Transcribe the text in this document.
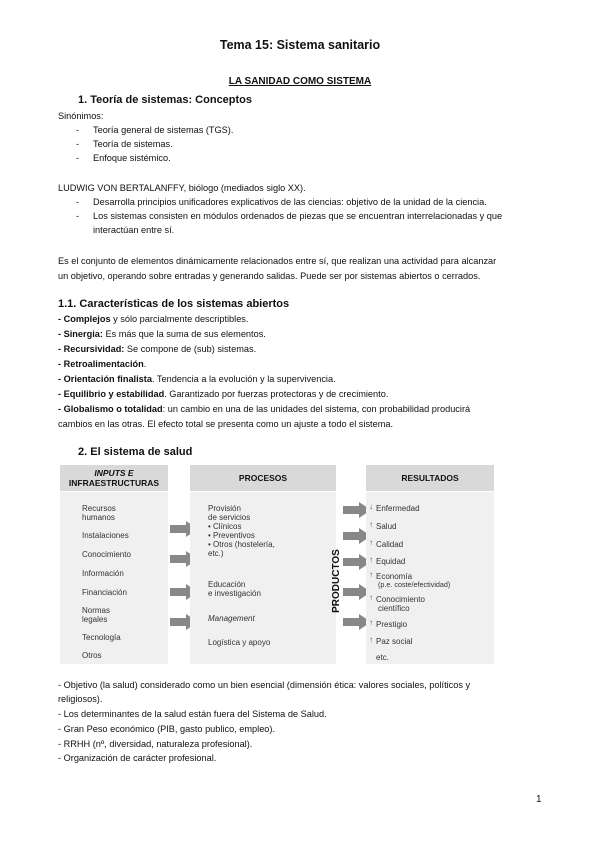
Tema 15: Sistema sanitario
LA SANIDAD COMO SISTEMA
1. Teoría de sistemas: Conceptos
Sinónimos:
- Teoría general de sistemas (TGS).
- Teoría de sistemas.
- Enfoque sistémico.
LUDWIG VON BERTALANFFY, biólogo (mediados siglo XX).
- Desarrolla principios unificadores explicativos de las ciencias: objetivo de la unidad de la ciencia.
- Los sistemas consisten en módulos ordenados de piezas que se encuentran interrelacionadas y que
interactúan entre sí.
Es el conjunto de elementos dinámicamente relacionados entre sí, que realizan una actividad para alcanzar
un objetivo, operando sobre entradas y generando salidas. Puede ser por sistemas abiertos o cerrados.
1.1. Características de los sistemas abiertos
- Complejos y sólo parcialmente descriptibles.
- Sinergia: Es más que la suma de sus elementos.
- Recursividad: Se compone de (sub) sistemas.
- Retroalimentación.
- Orientación finalista. Tendencia a la evolución y la supervivencia.
- Equilibrio y estabilidad. Garantizado por fuerzas protectoras y de crecimiento.
- Globalismo o totalidad: un cambio en una de las unidades del sistema, con probabilidad producirá
cambios en las otras. El efecto total se presenta como un ajuste a todo el sistema.
2. El sistema de salud
INPUTS E
INFRAESTRUCTURAS
Recursos
humanos
Instalaciones
Conocimiento
Información
Financiación
Normas
legales
Tecnología
Otros
PROCESOS
Provisión
de servicios
• Clínicos
• Preventivos
• Otros (hostelería,
etc.)
Educación
e investigación
Management
Logística y apoyo
PRODUCTOS
RESULTADOS
↓ Enfermedad
↑ Salud
↑ Calidad
↑ Equidad
↑ Economía
(p.e. coste/efectividad)
↑ Conocimiento
científico
↑ Prestigio
↑ Paz social
etc.
- Objetivo (la salud) considerado como un bien esencial (dimensión ética: valores sociales, políticos y
religiosos).
- Los determinantes de la salud están fuera del Sistema de Salud.
- Gran Peso económico (PIB, gasto publico, empleo).
- RRHH (nº, diversidad, naturaleza profesional).
- Organización de carácter profesional.
1
